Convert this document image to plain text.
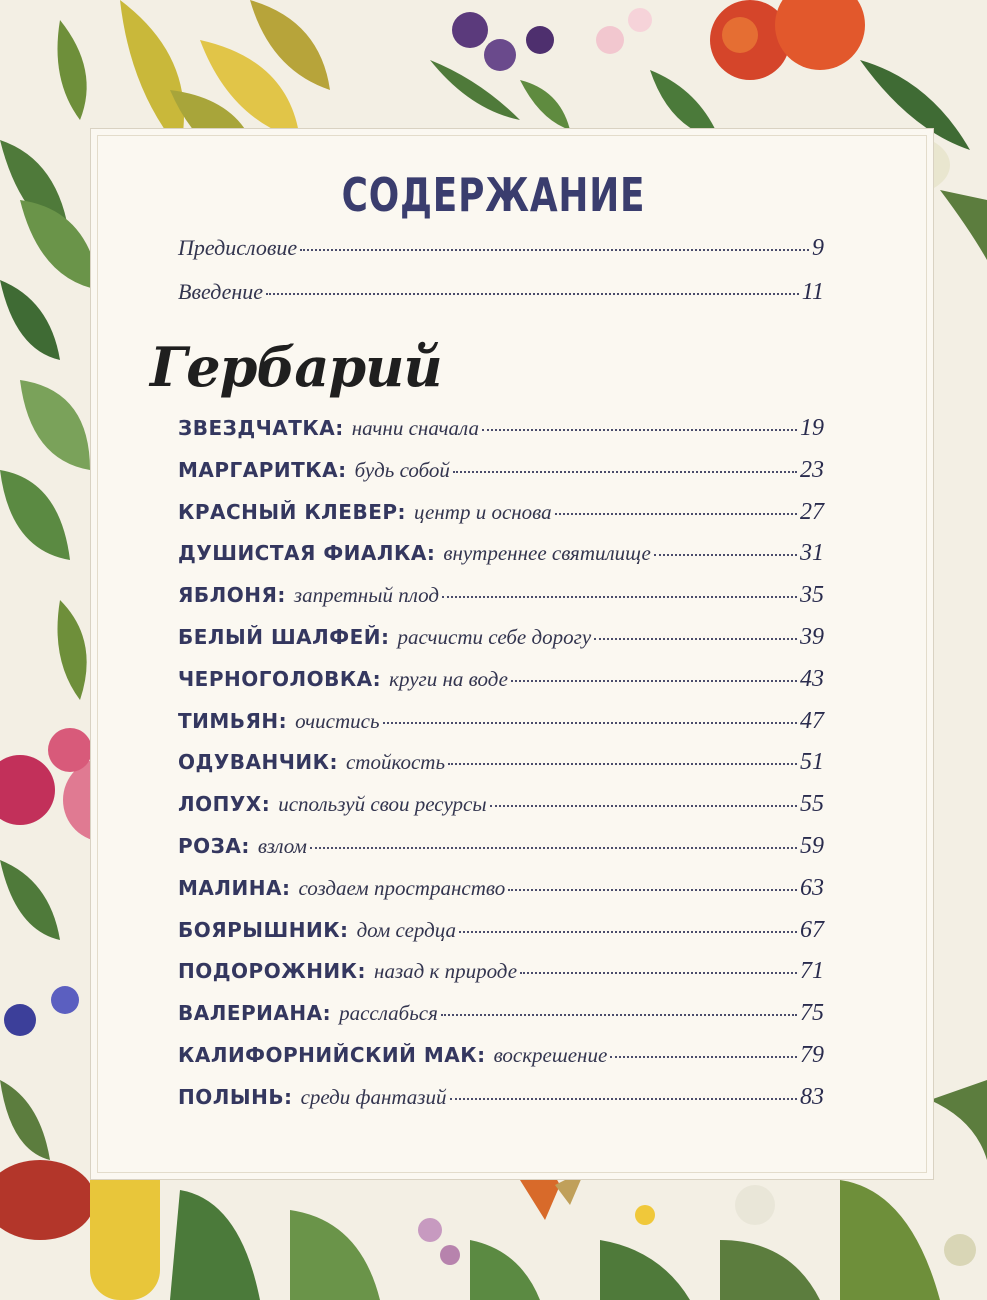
СОДЕРЖАНИЕ
Предисловие	9
Введение	11
Гербарий
ЗВЕЗДЧАТКА: начни сначала	19
МАРГАРИТКА: будь собой	23
КРАСНЫЙ КЛЕВЕР: центр и основа	27
ДУШИСТАЯ ФИАЛКА: внутреннее святилище	31
ЯБЛОНЯ: запретный плод	35
БЕЛЫЙ ШАЛФЕЙ: расчисти себе дорогу	39
ЧЕРНОГОЛОВКА: круги на воде	43
ТИМЬЯН: очистись	47
ОДУВАНЧИК: стойкость	51
ЛОПУХ: используй свои ресурсы	55
РОЗА: взлом	59
МАЛИНА: создаем пространство	63
БОЯРЫШНИК: дом сердца	67
ПОДОРОЖНИК: назад к природе	71
ВАЛЕРИАНА: расслабься	75
КАЛИФОРНИЙСКИЙ МАК: воскрешение	79
ПОЛЫНЬ: среди фантазий	83
